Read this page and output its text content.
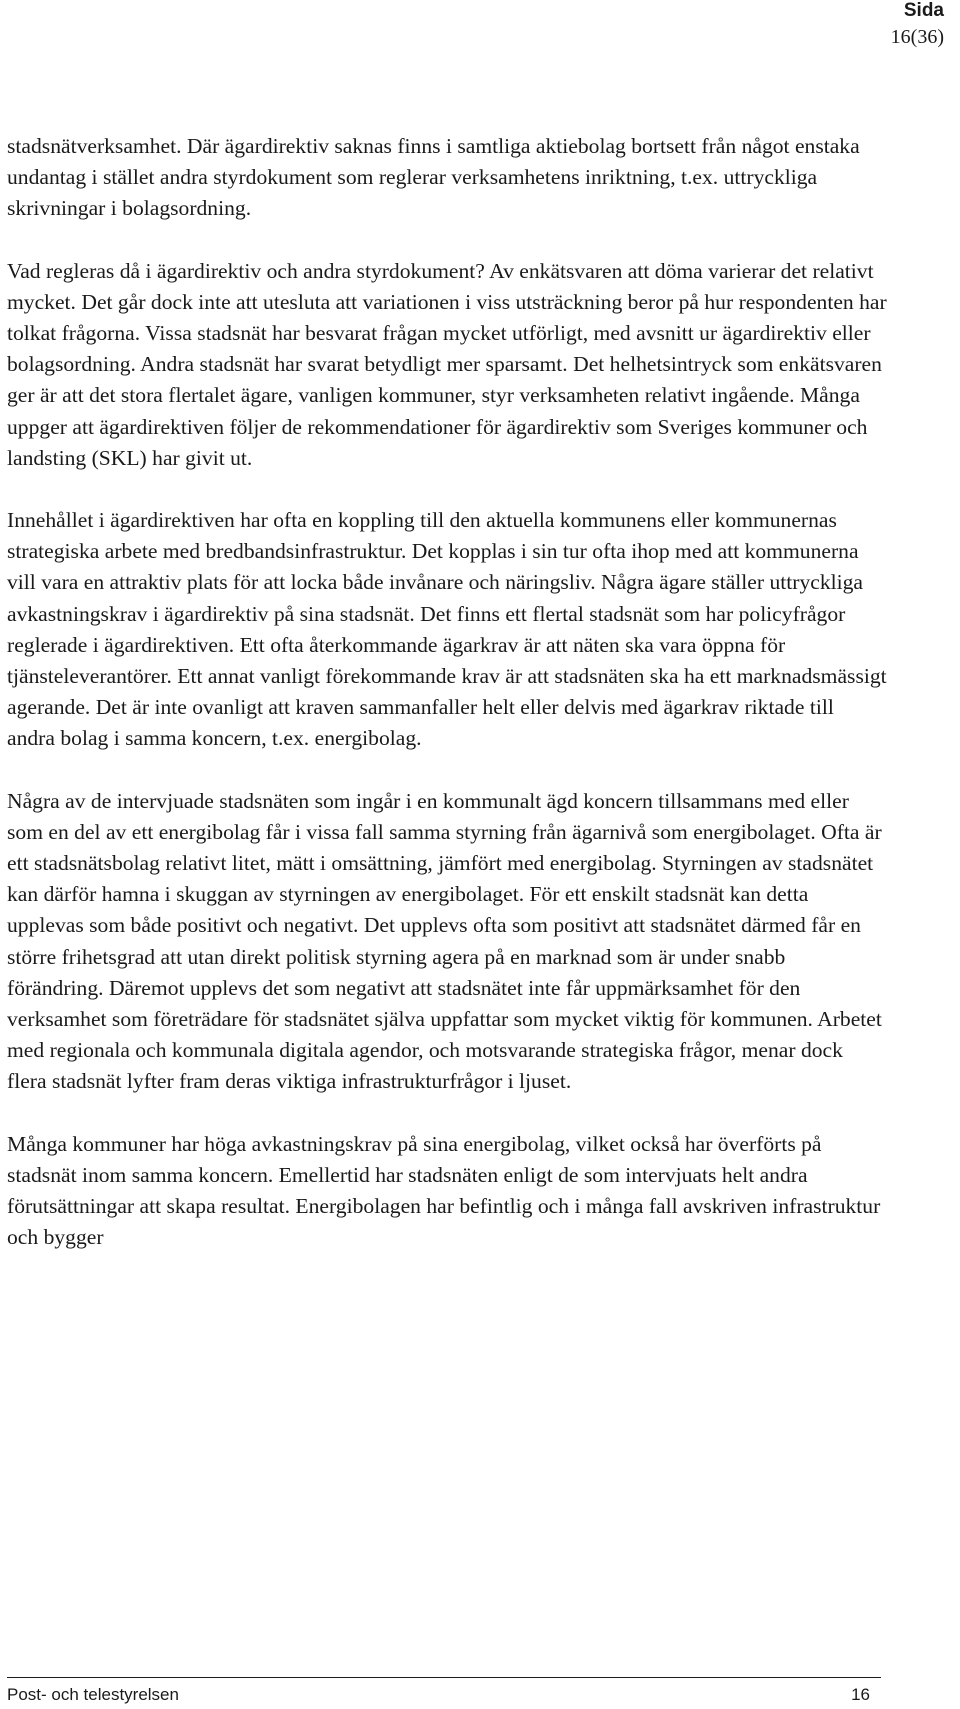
Sida
16(36)

stadsnätverksamhet. Där ägardirektiv saknas finns i samtliga aktiebolag bortsett från något enstaka undantag i stället andra styrdokument som reglerar verksamhetens inriktning, t.ex. uttryckliga skrivningar i bolagsordning.

Vad regleras då i ägardirektiv och andra styrdokument? Av enkätsvaren att döma varierar det relativt mycket. Det går dock inte att utesluta att variationen i viss utsträckning beror på hur respondenten har tolkat frågorna. Vissa stadsnät har besvarat frågan mycket utförligt, med avsnitt ur ägardirektiv eller bolagsordning. Andra stadsnät har svarat betydligt mer sparsamt. Det helhetsintryck som enkätsvaren ger är att det stora flertalet ägare, vanligen kommuner, styr verksamheten relativt ingående. Många uppger att ägardirektiven följer de rekommendationer för ägardirektiv som Sveriges kommuner och landsting (SKL) har givit ut.

Innehållet i ägardirektiven har ofta en koppling till den aktuella kommunens eller kommunernas strategiska arbete med bredbandsinfrastruktur. Det kopplas i sin tur ofta ihop med att kommunerna vill vara en attraktiv plats för att locka både invånare och näringsliv. Några ägare ställer uttryckliga avkastningskrav i ägardirektiv på sina stadsnät. Det finns ett flertal stadsnät som har policyfrågor reglerade i ägardirektiven. Ett ofta återkommande ägarkrav är att näten ska vara öppna för tjänsteleverantörer. Ett annat vanligt förekommande krav är att stadsnäten ska ha ett marknadsmässigt agerande. Det är inte ovanligt att kraven sammanfaller helt eller delvis med ägarkrav riktade till andra bolag i samma koncern, t.ex. energibolag.

Några av de intervjuade stadsnäten som ingår i en kommunalt ägd koncern tillsammans med eller som en del av ett energibolag får i vissa fall samma styrning från ägarnivå som energibolaget. Ofta är ett stadsnätsbolag relativt litet, mätt i omsättning, jämfört med energibolag. Styrningen av stadsnätet kan därför hamna i skuggan av styrningen av energibolaget. För ett enskilt stadsnät kan detta upplevas som både positivt och negativt. Det upplevs ofta som positivt att stadsnätet därmed får en större frihetsgrad att utan direkt politisk styrning agera på en marknad som är under snabb förändring. Däremot upplevs det som negativt att stadsnätet inte får uppmärksamhet för den verksamhet som företrädare för stadsnätet själva uppfattar som mycket viktig för kommunen. Arbetet med regionala och kommunala digitala agendor, och motsvarande strategiska frågor, menar dock flera stadsnät lyfter fram deras viktiga infrastrukturfrågor i ljuset.

Många kommuner har höga avkastningskrav på sina energibolag, vilket också har överförts på stadsnät inom samma koncern. Emellertid har stadsnäten enligt de som intervjuats helt andra förutsättningar att skapa resultat. Energibolagen har befintlig och i många fall avskriven infrastruktur och bygger

Post- och telestyrelsen	16
